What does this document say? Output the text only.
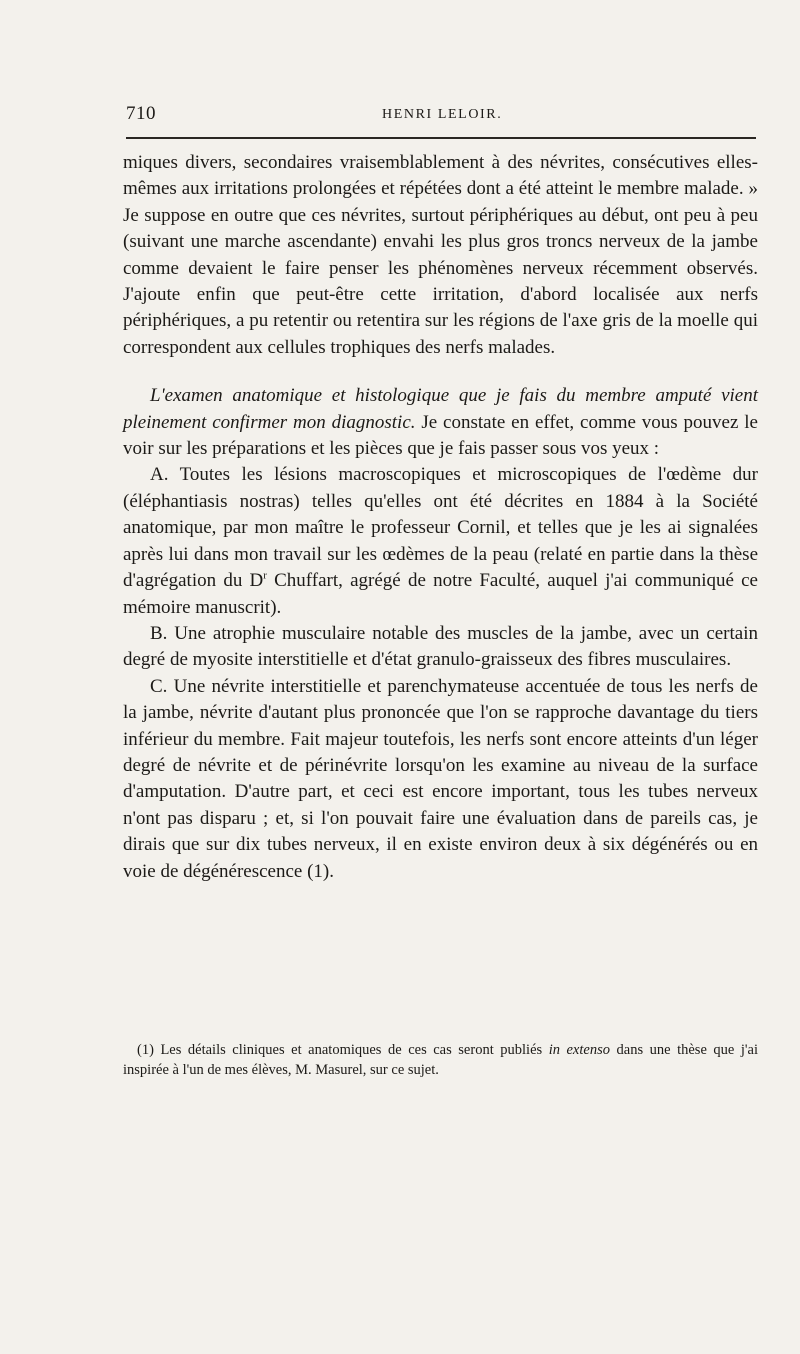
710	HENRI LELOIR.

miques divers, secondaires vraisemblablement à des névrites, consécutives elles-mêmes aux irritations prolongées et répétées dont a été atteint le membre malade. » Je suppose en outre que ces névrites, surtout périphériques au début, ont peu à peu (suivant une marche ascendante) envahi les plus gros troncs nerveux de la jambe comme devaient le faire penser les phénomènes nerveux récemment observés. J'ajoute enfin que peut-être cette irritation, d'abord localisée aux nerfs périphériques, a pu retentir ou retentira sur les régions de l'axe gris de la moelle qui correspondent aux cellules trophiques des nerfs malades.

L'examen anatomique et histologique que je fais du membre amputé vient pleinement confirmer mon diagnostic. Je constate en effet, comme vous pouvez le voir sur les préparations et les pièces que je fais passer sous vos yeux :

A. Toutes les lésions macroscopiques et microscopiques de l'œdème dur (éléphantiasis nostras) telles qu'elles ont été décrites en 1884 à la Société anatomique, par mon maître le professeur Cornil, et telles que je les ai signalées après lui dans mon travail sur les œdèmes de la peau (relaté en partie dans la thèse d'agrégation du $D^r$ Chuffart, agrégé de notre Faculté, auquel j'ai communiqué ce mémoire manuscrit).

B. Une atrophie musculaire notable des muscles de la jambe, avec un certain degré de myosite interstitielle et d'état granulo-graisseux des fibres musculaires.

C. Une névrite interstitielle et parenchymateuse accentuée de tous les nerfs de la jambe, névrite d'autant plus prononcée que l'on se rapproche davantage du tiers inférieur du membre. Fait majeur toutefois, les nerfs sont encore atteints d'un léger degré de névrite et de périnévrite lorsqu'on les examine au niveau de la surface d'amputation. D'autre part, et ceci est encore important, tous les tubes nerveux n'ont pas disparu ; et, si l'on pouvait faire une évaluation dans de pareils cas, je dirais que sur dix tubes nerveux, il en existe environ deux à six dégénérés ou en voie de dégénérescence (1).

(1) Les détails cliniques et anatomiques de ces cas seront publiés in extenso dans une thèse que j'ai inspirée à l'un de mes élèves, M. Masurel, sur ce sujet.
